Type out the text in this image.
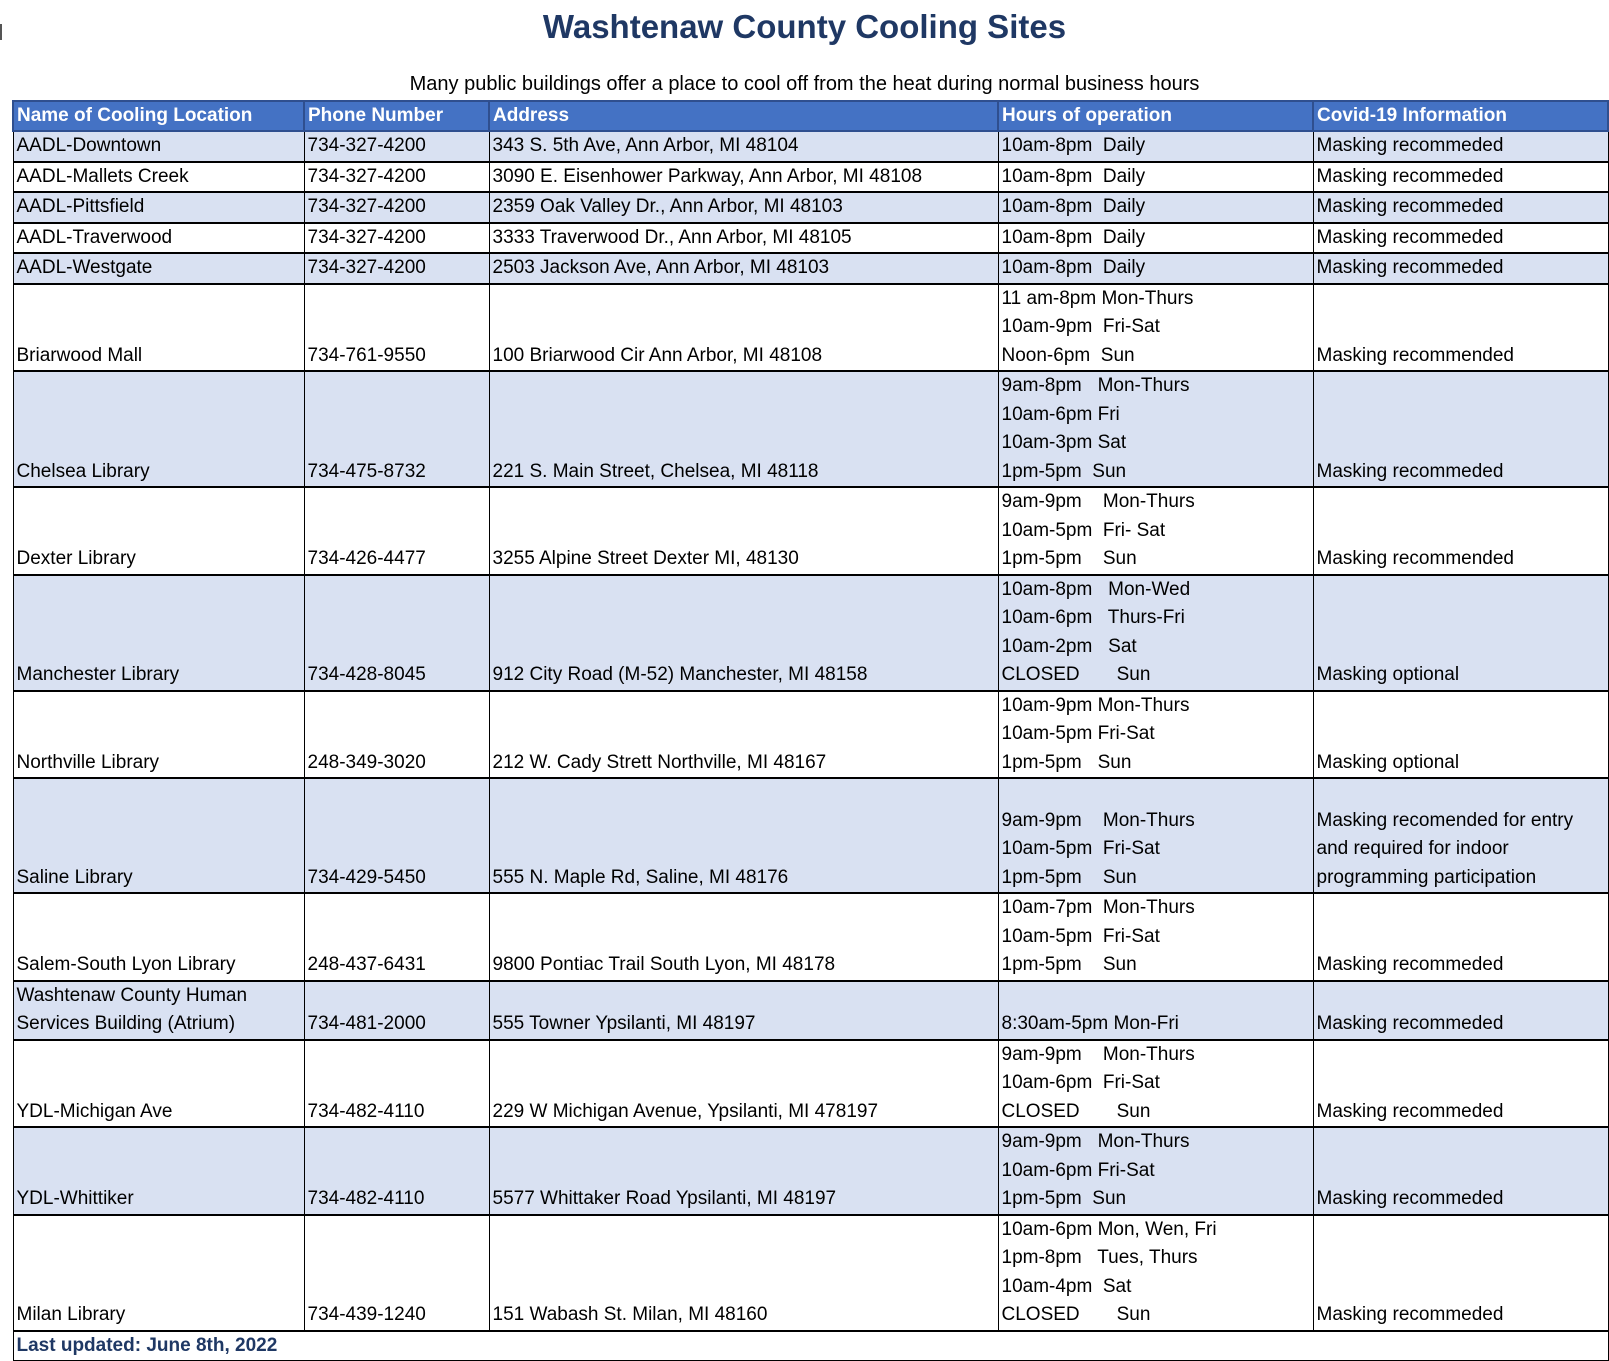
Washtenaw County Cooling Sites
Many public buildings offer a place to cool off from the heat during normal business hours
Name of Cooling Location	Phone Number	Address	Hours of operation	Covid-19 Information
AADL-Downtown	734-327-4200	343 S. 5th Ave, Ann Arbor, MI 48104	10am-8pm  Daily	Masking recommeded

AADL-Mallets Creek	734-327-4200	3090 E. Eisenhower Parkway, Ann Arbor, MI 48108	10am-8pm  Daily	Masking recommeded

AADL-Pittsfield	734-327-4200	2359 Oak Valley Dr., Ann Arbor, MI 48103	10am-8pm  Daily	Masking recommeded

AADL-Traverwood	734-327-4200	3333 Traverwood Dr., Ann Arbor, MI 48105	10am-8pm  Daily	Masking recommeded

AADL-Westgate	734-327-4200	2503 Jackson Ave, Ann Arbor, MI 48103	10am-8pm  Daily	Masking recommeded

Briarwood Mall	734-761-9550	100 Briarwood Cir Ann Arbor, MI 48108	11 am-8pm Mon-Thurs
10am-9pm  Fri-Sat
Noon-6pm  Sun	Masking recommended

Chelsea Library	734-475-8732	221 S. Main Street, Chelsea, MI 48118	9am-8pm   Mon-Thurs
10am-6pm Fri
10am-3pm Sat
1pm-5pm  Sun	Masking recommeded

Dexter Library	734-426-4477	3255 Alpine Street Dexter MI, 48130	9am-9pm    Mon-Thurs
10am-5pm  Fri- Sat
1pm-5pm    Sun	Masking recommended

Manchester Library	734-428-8045	912 City Road (M-52) Manchester, MI 48158	10am-8pm   Mon-Wed
10am-6pm   Thurs-Fri
10am-2pm   Sat
CLOSED       Sun	Masking optional

Northville Library	248-349-3020	212 W. Cady Strett Northville, MI 48167	10am-9pm Mon-Thurs
10am-5pm Fri-Sat
1pm-5pm   Sun	Masking optional

Saline Library	734-429-5450	555 N. Maple Rd, Saline, MI 48176	9am-9pm    Mon-Thurs
10am-5pm  Fri-Sat
1pm-5pm    Sun	Masking recomended for entry
and required for indoor
programming participation

Salem-South Lyon Library	248-437-6431	9800 Pontiac Trail South Lyon, MI 48178	10am-7pm  Mon-Thurs
10am-5pm  Fri-Sat
1pm-5pm    Sun	Masking recommeded

Washtenaw County Human
Services Building (Atrium)	734-481-2000	555 Towner Ypsilanti, MI 48197	8:30am-5pm Mon-Fri	Masking recommeded

YDL-Michigan Ave	734-482-4110	229 W Michigan Avenue, Ypsilanti, MI 478197	9am-9pm    Mon-Thurs
10am-6pm  Fri-Sat
CLOSED       Sun	Masking recommeded

YDL-Whittiker	734-482-4110	5577 Whittaker Road Ypsilanti, MI 48197	9am-9pm   Mon-Thurs
10am-6pm Fri-Sat
1pm-5pm  Sun	Masking recommeded

Milan Library	734-439-1240	151 Wabash St. Milan, MI 48160	10am-6pm Mon, Wen, Fri
1pm-8pm   Tues, Thurs
10am-4pm  Sat
CLOSED       Sun	Masking recommeded

Last updated: June 8th, 2022				
